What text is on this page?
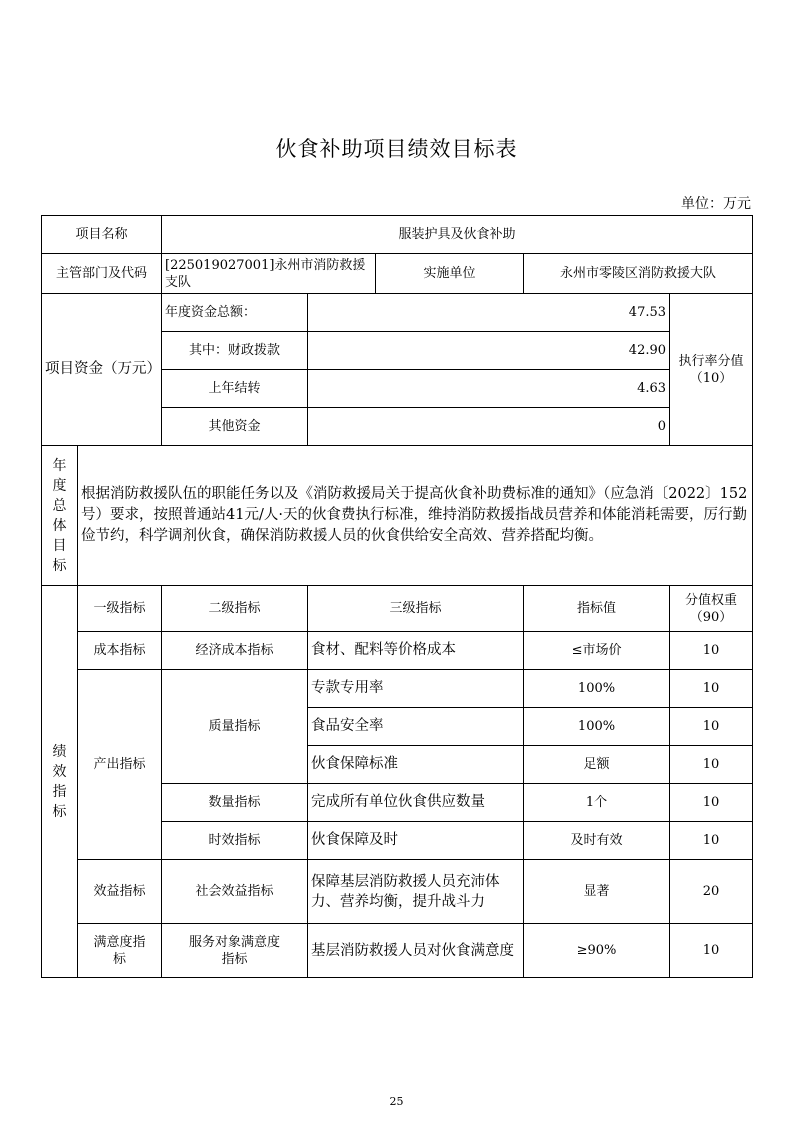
伙食补助项目绩效目标表
单位：万元
项目名称		服装护具及伙食补助				
主管部门及代码		[225019027001]永州市消防救援支队		实施单位	永州市零陵区消防救援大队	
项目资金（万元）		年度资金总额：	47.53			执行率分值（10）
		其中：财政拨款	42.90			
		上年结转	4.63			
		其他资金	0			
年度总体目标	根据消防救援队伍的职能任务以及《消防救援局关于提高伙食补助费标准的通知》（应急消〔2022〕152号）要求，按照普通站41元/人·天的伙食费执行标准，维持消防救援指战员营养和体能消耗需要，厉行勤俭节约，科学调剂伙食，确保消防救援人员的伙食供给安全高效、营养搭配均衡。					
绩效指标	一级指标	二级指标	三级指标		指标值	分值权重（90）
	成本指标	经济成本指标	食材、配料等价格成本		≤市场价	10
	产出指标	质量指标	专款专用率		100%	10
			食品安全率		100%	10
			伙食保障标准		足额	10
		数量指标	完成所有单位伙食供应数量		1个	10
		时效指标	伙食保障及时		及时有效	10
	效益指标	社会效益指标	保障基层消防救援人员充沛体力、营养均衡，提升战斗力		显著	20
	满意度指标	服务对象满意度指标	基层消防救援人员对伙食满意度		≥90%	10
25
